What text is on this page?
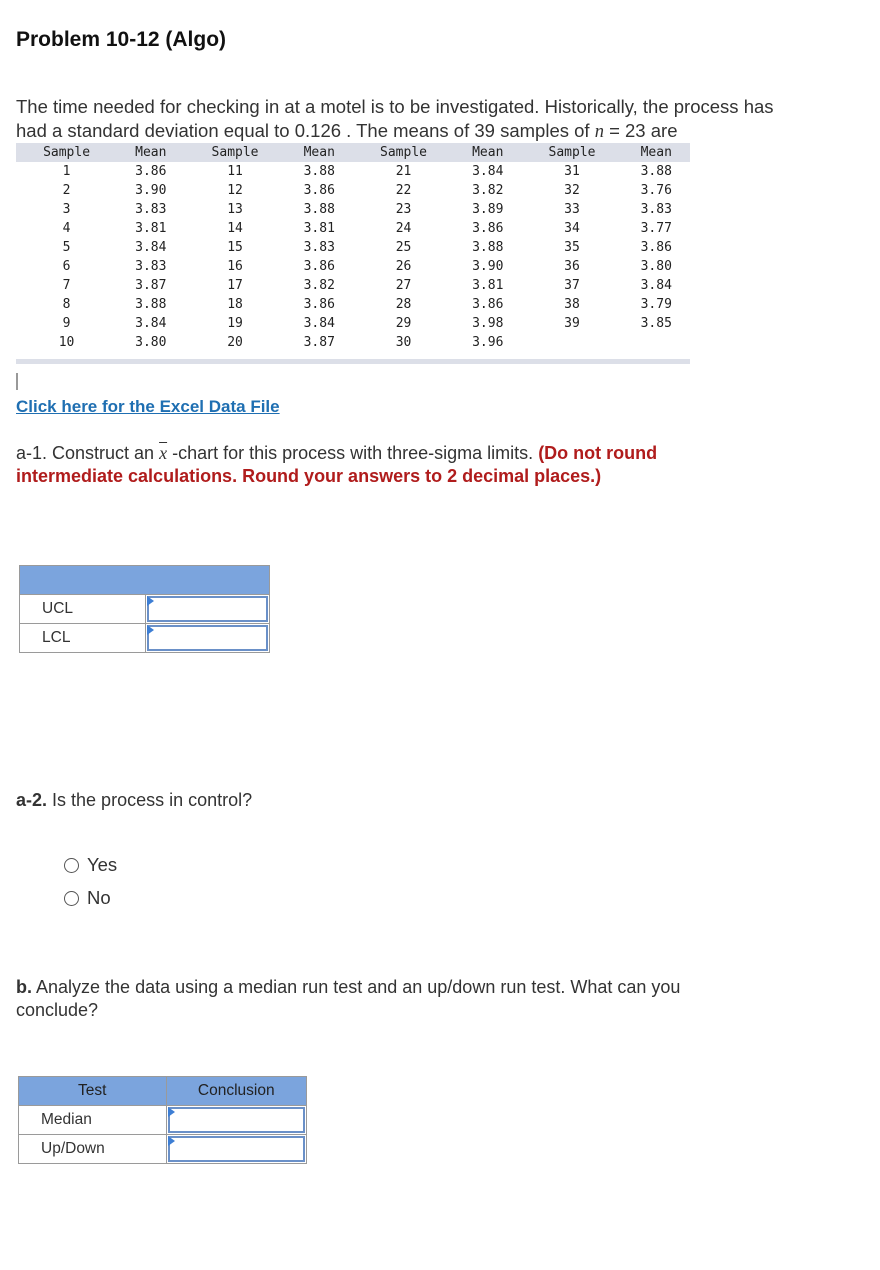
Problem 10-12 (Algo)
The time needed for checking in at a motel is to be investigated. Historically, the process has
had a standard deviation equal to 0.126 . The means of 39 samples of n = 23 are
Sample	Mean	Sample	Mean	Sample	Mean	Sample	Mean
1	3.86	11	3.88	21	3.84	31	3.88
2	3.90	12	3.86	22	3.82	32	3.76
3	3.83	13	3.88	23	3.89	33	3.83
4	3.81	14	3.81	24	3.86	34	3.77
5	3.84	15	3.83	25	3.88	35	3.86
6	3.83	16	3.86	26	3.90	36	3.80
7	3.87	17	3.82	27	3.81	37	3.84
8	3.88	18	3.86	28	3.86	38	3.79
9	3.84	19	3.84	29	3.98	39	3.85
10	3.80	20	3.87	30	3.96		
Click here for the Excel Data File
a-1. Construct an $\overline{x}$ -chart for this process with three-sigma limits. (Do not round
intermediate calculations. Round your answers to 2 decimal places.)

UCL	

LCL	
a-2. Is the process in control?
Yes
No
b. Analyze the data using a median run test and an up/down run test. What can you
conclude?
Test	Conclusion
Median	

Up/Down	
